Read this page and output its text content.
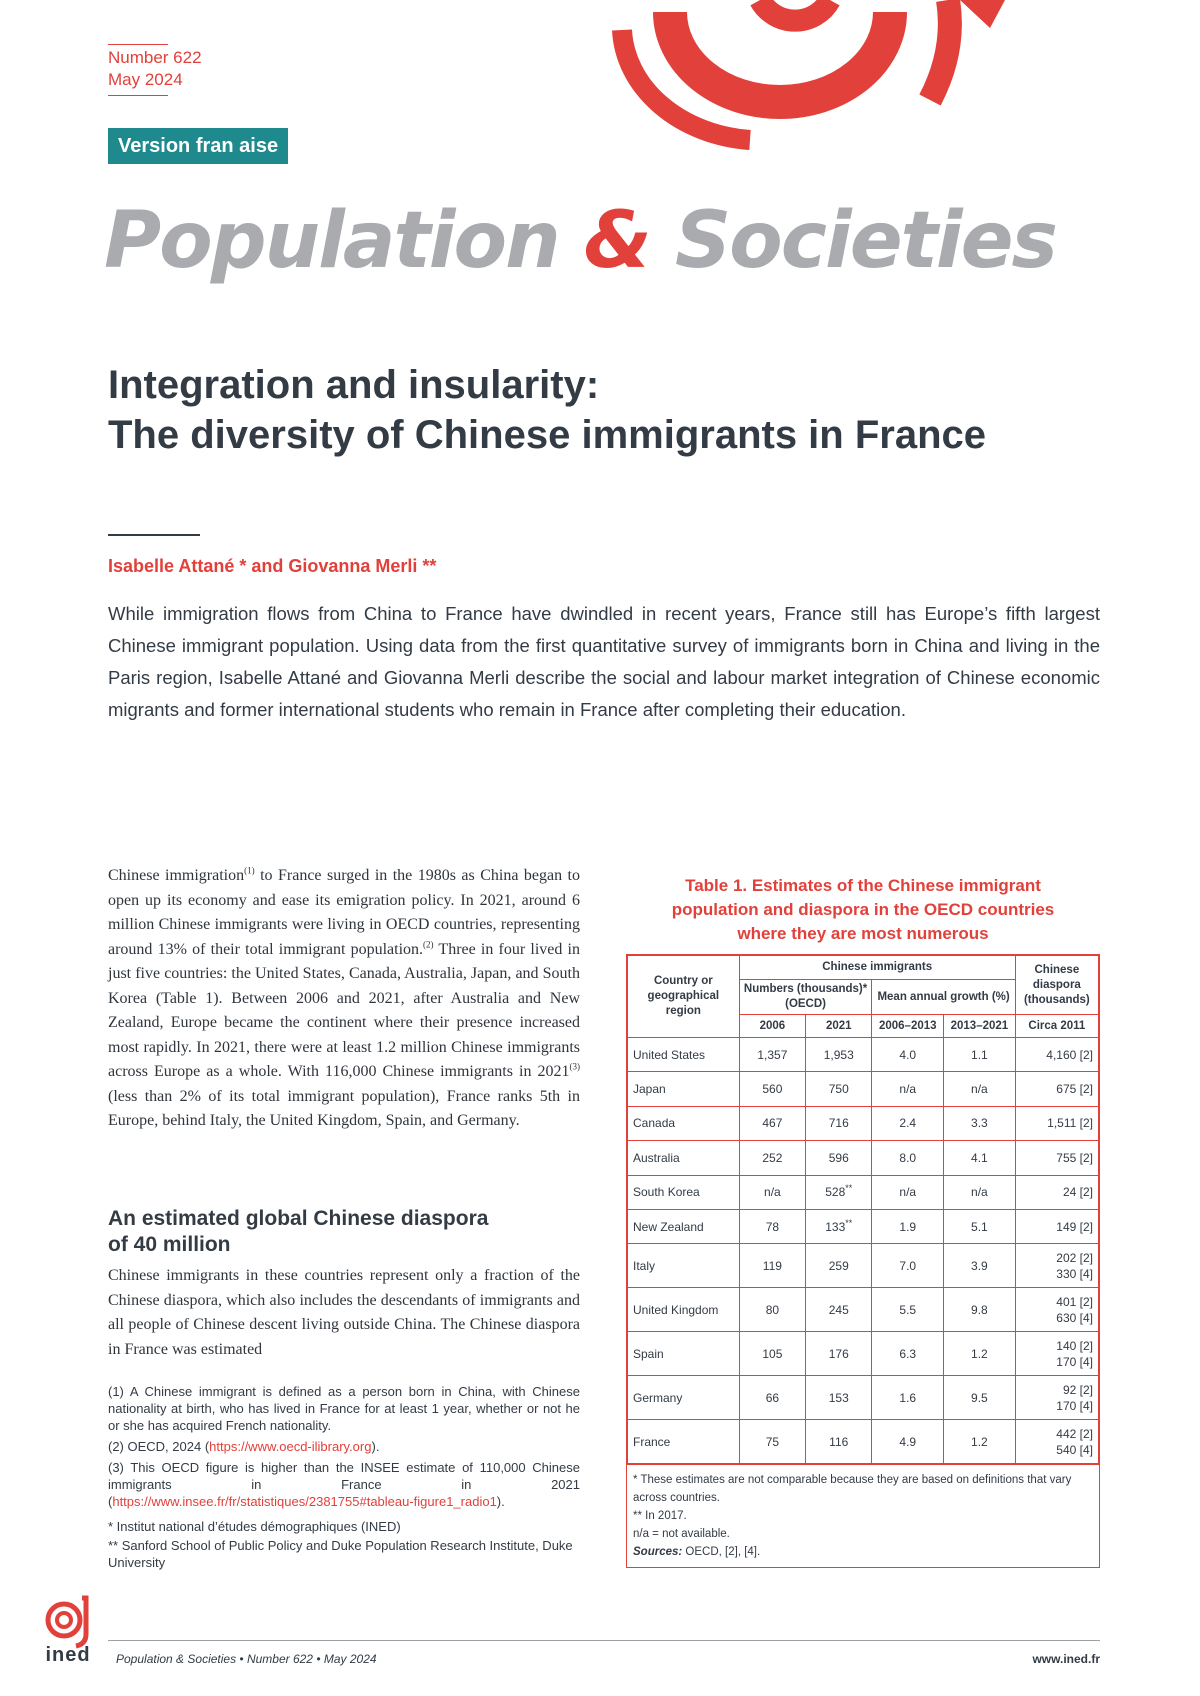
Number 622
May 2024
Version fran aise
Population & Societies
Integration and insularity:
The diversity of Chinese immigrants in France
Isabelle Attané * and Giovanna Merli **

While immigration flows from China to France have dwindled in recent years, France still has Europe’s fifth largest Chinese immigrant population. Using data from the first quantitative survey of immigrants born in China and living in the Paris region, Isabelle Attané and Giovanna Merli describe the social and labour market integration of Chinese economic migrants and former international students who remain in France after completing their education.

Chinese immigration$^{(1)}$ to France surged in the 1980s as China began to open up its economy and ease its emigration policy. In 2021, around 6 million Chinese immigrants were living in OECD countries, representing around 13% of their total immigrant population.$^{(2)}$ Three in four lived in just five countries: the United States, Canada, Australia, Japan, and South Korea (Table 1). Between 2006 and 2021, after Australia and New Zealand, Europe became the continent where their presence increased most rapidly. In 2021, there were at least 1.2 million Chinese immigrants across Europe as a whole. With 116,000 Chinese immigrants in 2021$^{(3)}$ (less than 2% of its total immigrant population), France ranks 5th in Europe, behind Italy, the United Kingdom, Spain, and Germany.

An estimated global Chinese diaspora
of 40 million
Chinese immigrants in these countries represent only a fraction of the Chinese diaspora, which also includes the descendants of immigrants and all people of Chinese descent living outside China. The Chinese diaspora in France was estimated
(1) A Chinese immigrant is defined as a person born in China, with Chinese nationality at birth, who has lived in France for at least 1 year, whether or not he or she has acquired French nationality.
(2) OECD, 2024 (https://www.oecd-ilibrary.org).
(3) This OECD figure is higher than the INSEE estimate of 110,000 Chinese immigrants in France in 2021 (https://www.insee.fr/fr/statistiques/2381755#tableau-figure1_radio1).
* Institut national d’études démographiques (INED)
** Sanford School of Public Policy and Duke Population Research Institute, Duke University
Table 1. Estimates of the Chinese immigrant
population and diaspora in the OECD countries
where they are most numerous
Country or geographical region	Chinese immigrants				Chinese diaspora (thousands)
	Numbers (thousands)* (OECD)		Mean annual growth (%)		
	2006	2021	2006–2013	2013–2021	Circa 2011
United States	1,357	1,953	4.0	1.1	4,160 [2]

Japan	560	750	n/a	n/a	675 [2]

Canada	467	716	2.4	3.3	1,511 [2]

Australia	252	596	8.0	4.1	755 [2]

South Korea	n/a	528**	n/a	n/a	24 [2]

New Zealand	78	133**	1.9	5.1	149 [2]

Italy	119	259	7.0	3.9	202 [2]
330 [4]

United Kingdom	80	245	5.5	9.8	401 [2]
630 [4]

Spain	105	176	6.3	1.2	140 [2]
170 [4]

Germany	66	153	1.6	9.5	92 [2]
170 [4]

France	75	116	4.9	1.2	442 [2]
540 [4]
* These estimates are not comparable because they are based on definitions that vary across countries.
** In 2017.
n/a = not available.
Sources: OECD, [2], [4].
ined Population & Societies • Number 622 • May 2024	www.ined.fr
